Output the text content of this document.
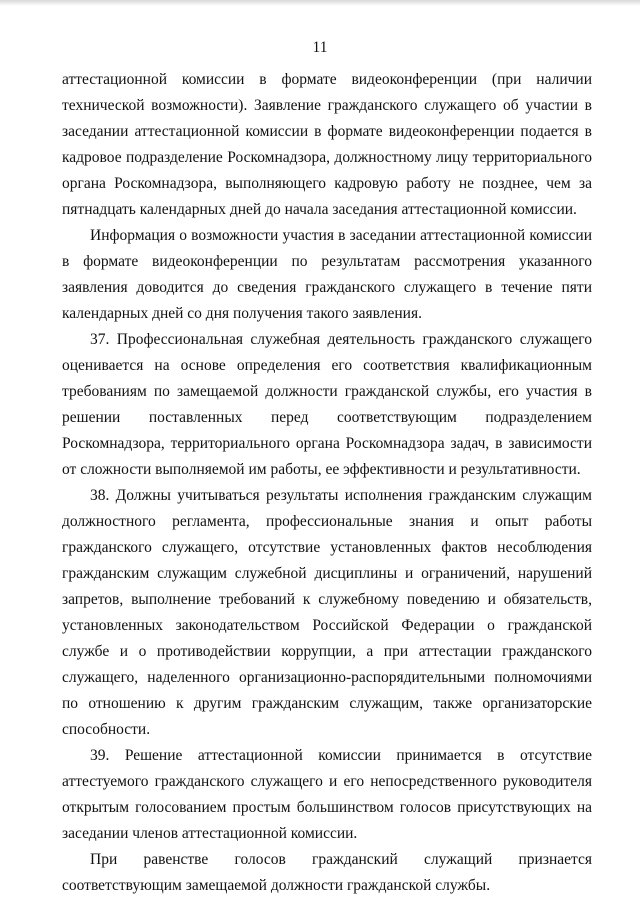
11

аттестационной комиссии в формате видеоконференции (при наличии технической возможности). Заявление гражданского служащего об участии в заседании аттестационной комиссии в формате видеоконференции подается в кадровое подразделение Роскомнадзора, должностному лицу территориального органа Роскомнадзора, выполняющего кадровую работу не позднее, чем за пятнадцать календарных дней до начала заседания аттестационной комиссии.

Информация о возможности участия в заседании аттестационной комиссии в формате видеоконференции по результатам рассмотрения указанного заявления доводится до сведения гражданского служащего в течение пяти календарных дней со дня получения такого заявления.

37. Профессиональная служебная деятельность гражданского служащего оценивается на основе определения его соответствия квалификационным требованиям по замещаемой должности гражданской службы, его участия в решении поставленных перед соответствующим подразделением Роскомнадзора, территориального органа Роскомнадзора задач, в зависимости от сложности выполняемой им работы, ее эффективности и результативности.

38. Должны учитываться результаты исполнения гражданским служащим должностного регламента, профессиональные знания и опыт работы гражданского служащего, отсутствие установленных фактов несоблюдения гражданским служащим служебной дисциплины и ограничений, нарушений запретов, выполнение требований к служебному поведению и обязательств, установленных законодательством Российской Федерации о гражданской службе и о противодействии коррупции, а при аттестации гражданского служащего, наделенного организационно-распорядительными полномочиями по отношению к другим гражданским служащим, также организаторские способности.

39. Решение аттестационной комиссии принимается в отсутствие аттестуемого гражданского служащего и его непосредственного руководителя открытым голосованием простым большинством голосов присутствующих на заседании членов аттестационной комиссии.

При равенстве голосов гражданский служащий признается соответствующим замещаемой должности гражданской службы.
